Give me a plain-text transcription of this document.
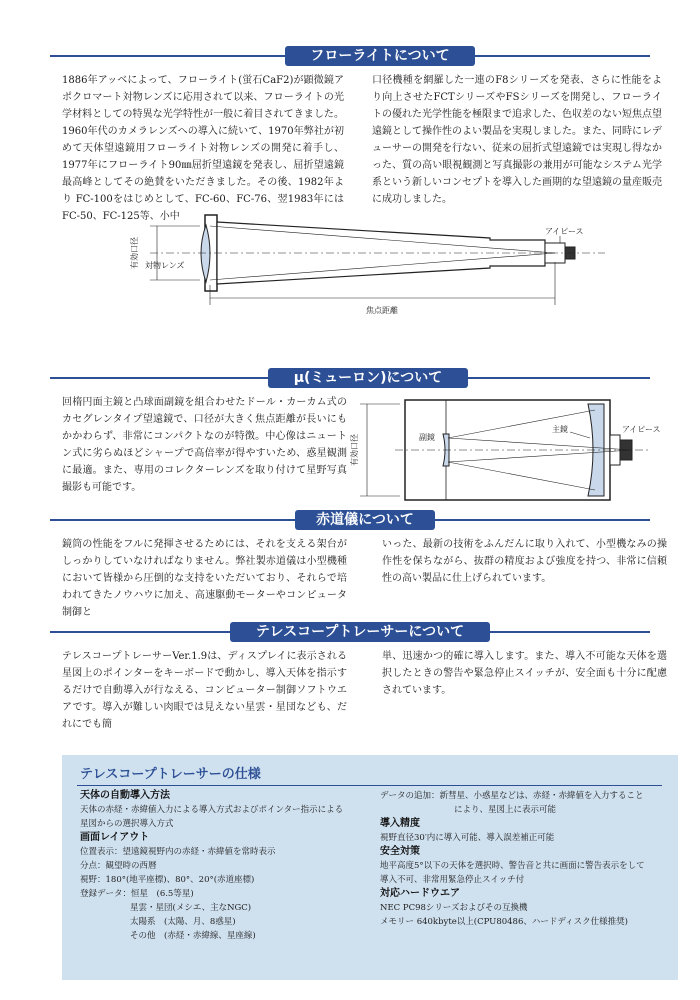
フローライトについて

1886年アッベによって、フローライト(蛍石CaF2)が顕微鏡アポクロマート対物レンズに応用されて以来、フローライトの光学材料としての特異な光学特性が一般に着目されてきました。1960年代のカメラレンズへの導入に続いて、1970年弊社が初めて天体望遠鏡用フローライト対物レンズの開発に着手し、1977年にフローライト90㎜屈折望遠鏡を発表し、屈折望遠鏡最高峰としてその絶賛をいただきました。その後、1982年より FC-100をはじめとして、FC-60、FC-76、翌1983年にはFC-50、FC-125等、小中

口径機種を網羅した一連のF8シリーズを発表、さらに性能をより向上させたFCTシリーズやFSシリーズを開発し、フローライトの優れた光学性能を極限まで追求した、色収差のない短焦点望遠鏡として操作性のよい製品を実現しました。また、同時にレデューサーの開発を行ない、従来の屈折式望遠鏡では実現し得なかった、質の高い眼視観測と写真撮影の兼用が可能なシステム光学系という新しいコンセプトを導入した画期的な望遠鏡の量産販売に成功しました。

有効口径 対物レンズ
アイピース
焦点距離
μ(ミューロン)について

回楕円面主鏡と凸球面副鏡を組合わせたドール・カーカム式のカセグレンタイプ望遠鏡で、口径が大きく焦点距離が長いにもかかわらず、非常にコンパクトなのが特徴。中心像はニュートン式に劣らぬほどシャープで高倍率が得やすいため、惑星観測に最適。また、専用のコレクターレンズを取り付けて星野写真撮影も可能です。

有効口径	副鏡
主鏡	アイピース
赤道儀について

鏡筒の性能をフルに発揮させるためには、それを支える架台がしっかりしていなければなりません。弊社製赤道儀は小型機種において皆様から圧倒的な支持をいただいており、それらで培われてきたノウハウに加え、高速駆動モーターやコンピュータ制御と

いった、最新の技術をふんだんに取り入れて、小型機なみの操作性を保ちながら、抜群の精度および強度を持つ、非常に信頼性の高い製品に仕上げられています。

テレスコープトレーサーについて

テレスコープトレーサーVer.1.9は、ディスプレイに表示される星図上のポインターをキーボードで動かし、導入天体を指示するだけで自動導入が行なえる、コンピューター制御ソフトウエアです。導入が難しい肉眼では見えない星雲・星団なども、だれにでも簡

単、迅速かつ的確に導入します。また、導入不可能な天体を選択したときの警告や緊急停止スイッチが、安全面も十分に配慮されています。

テレスコープトレーサーの仕様
天体の自動導入方法
天体の赤経・赤緯値入力による導入方式およびポインター指示による
星図からの選択導入方式
画面レイアウト
位置表示：望遠鏡視野内の赤経・赤緯値を常時表示
分点：観望時の西暦
視野：180°(地平座標)、80°、20°(赤道座標)
登録データ：恒星　(6.5等星)
星雲・星団(メシエ、主なNGC)
太陽系　(太陽、月、8惑星)
その他　(赤経・赤緯線、星座線)
データの追加：新彗星、小惑星などは、赤経・赤緯値を入力すること
により、星図上に表示可能
導入精度
視野直径30′内に導入可能、導入誤差補正可能
安全対策
地平高度5°以下の天体を選択時、警告音と共に画面に警告表示をして
導入不可、非常用緊急停止スイッチ付
対応ハードウエア
NEC PC98シリーズおよびその互換機
メモリー 640kbyte以上(CPU80486、ハードディスク仕様推奨)
